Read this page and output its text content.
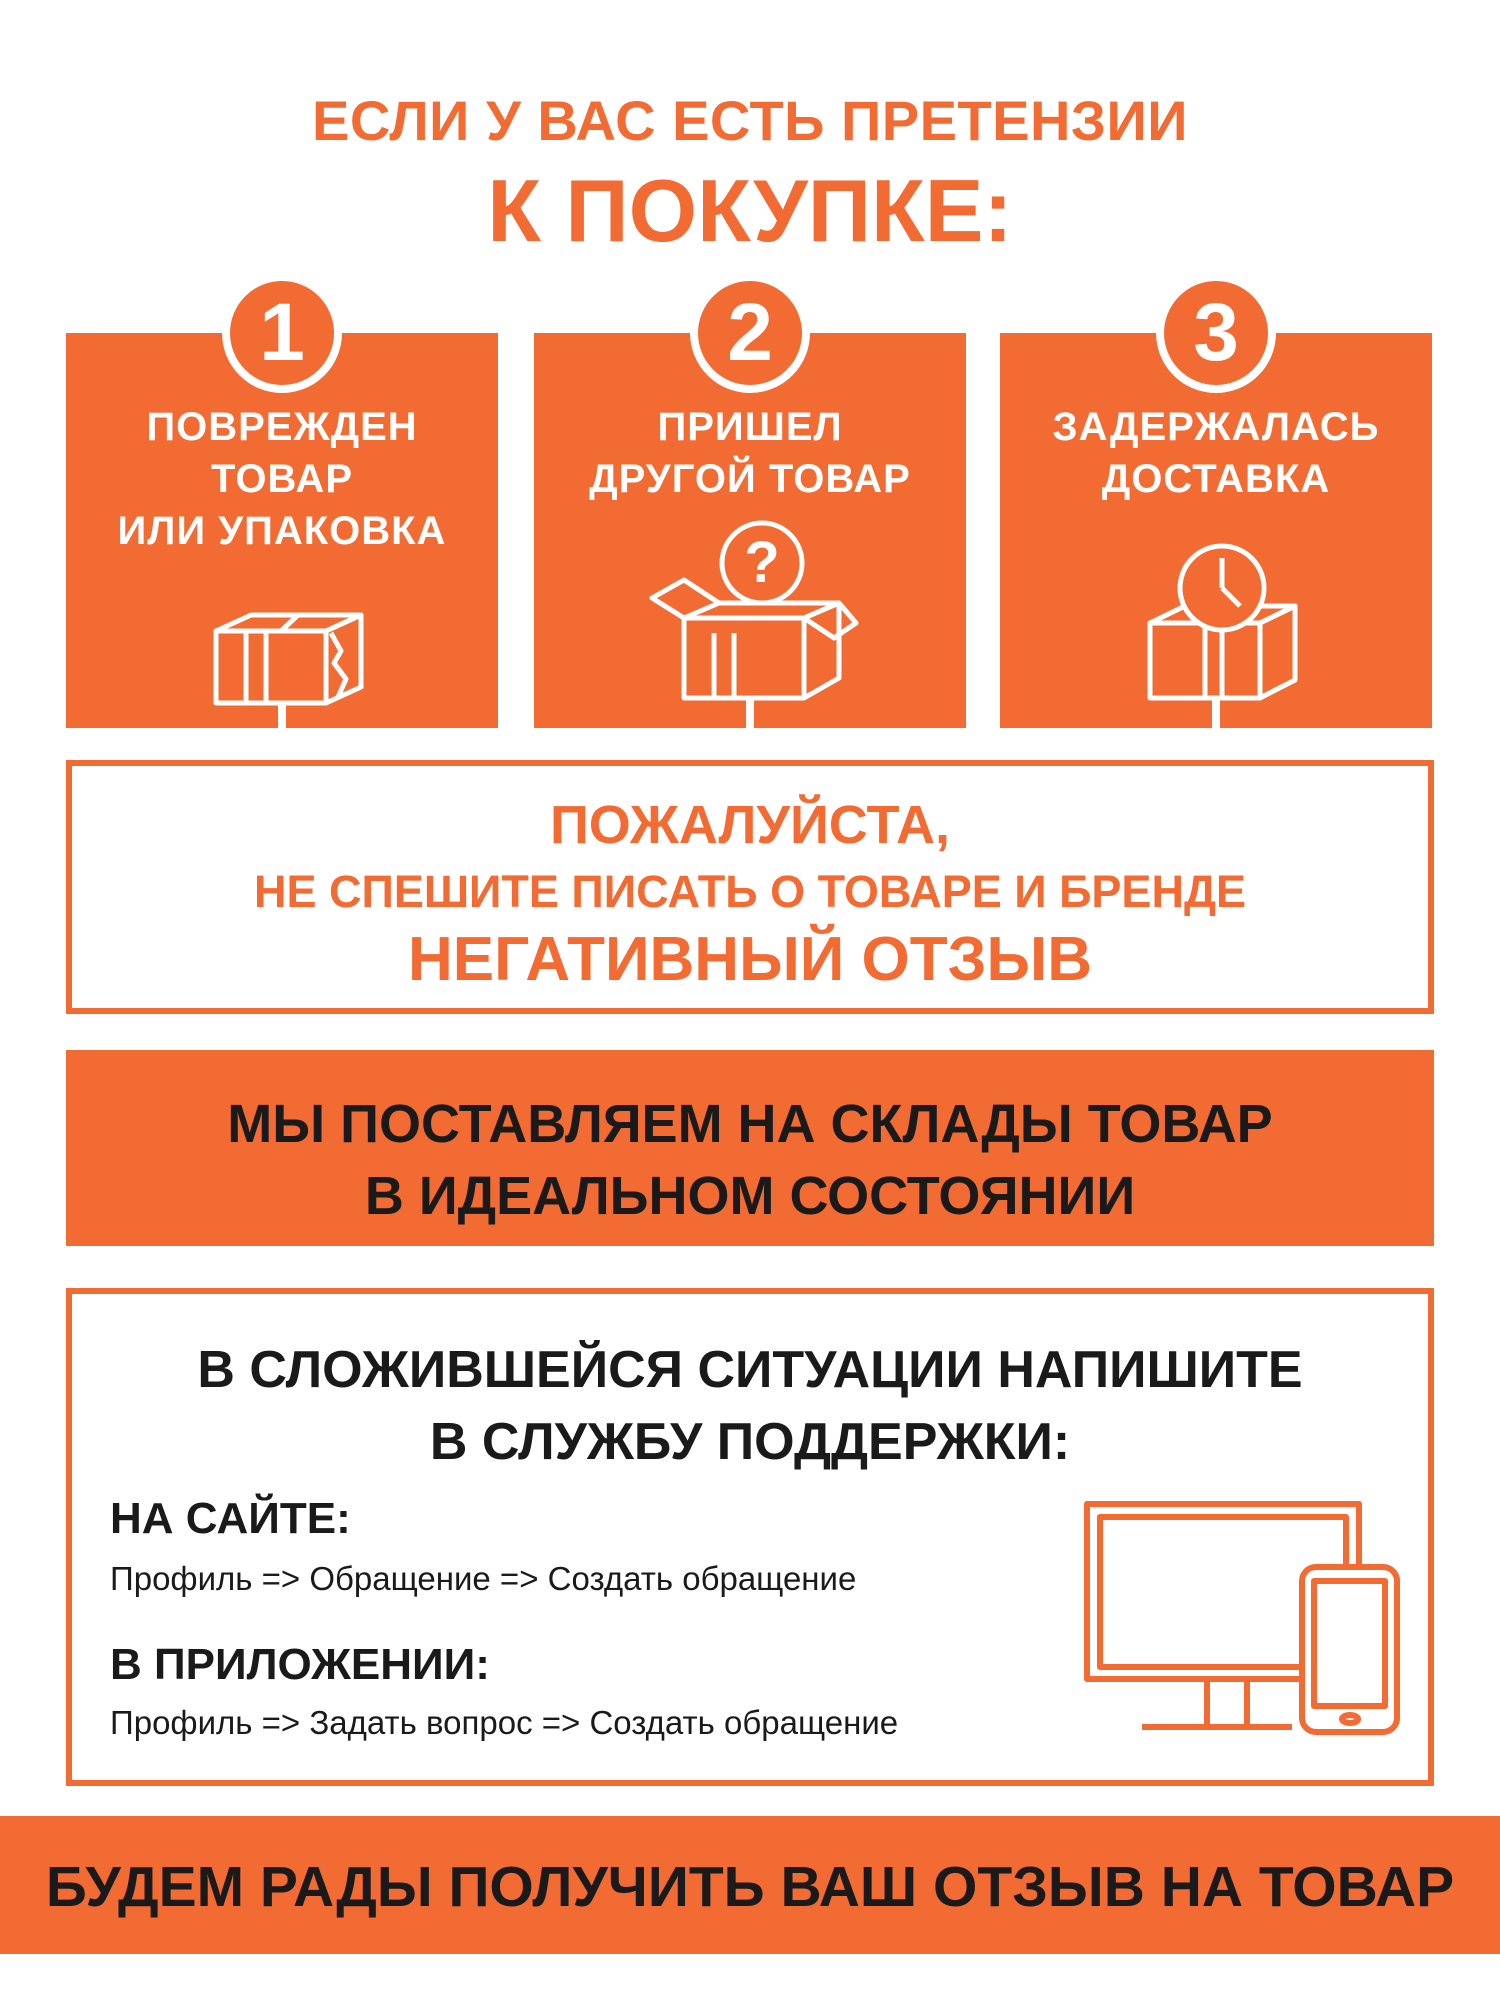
ЕСЛИ У ВАС ЕСТЬ ПРЕТЕНЗИИ
К ПОКУПКЕ:
1
ПОВРЕЖДЕН
ТОВАР
ИЛИ УПАКОВКА
2
ПРИШЕЛ
ДРУГОЙ ТОВАР
?
3
ЗАДЕРЖАЛАСЬ
ДОСТАВКА
ПОЖАЛУЙСТА,
НЕ СПЕШИТЕ ПИСАТЬ О ТОВАРЕ И БРЕНДЕ
НЕГАТИВНЫЙ ОТЗЫВ
МЫ ПОСТАВЛЯЕМ НА СКЛАДЫ ТОВАР
В ИДЕАЛЬНОМ СОСТОЯНИИ
В СЛОЖИВШЕЙСЯ СИТУАЦИИ НАПИШИТЕ
В СЛУЖБУ ПОДДЕРЖКИ:
НА САЙТЕ:
Профиль => Обращение => Создать обращение
В ПРИЛОЖЕНИИ:
Профиль => Задать вопрос => Создать обращение
БУДЕМ РАДЫ ПОЛУЧИТЬ ВАШ ОТЗЫВ НА ТОВАР
